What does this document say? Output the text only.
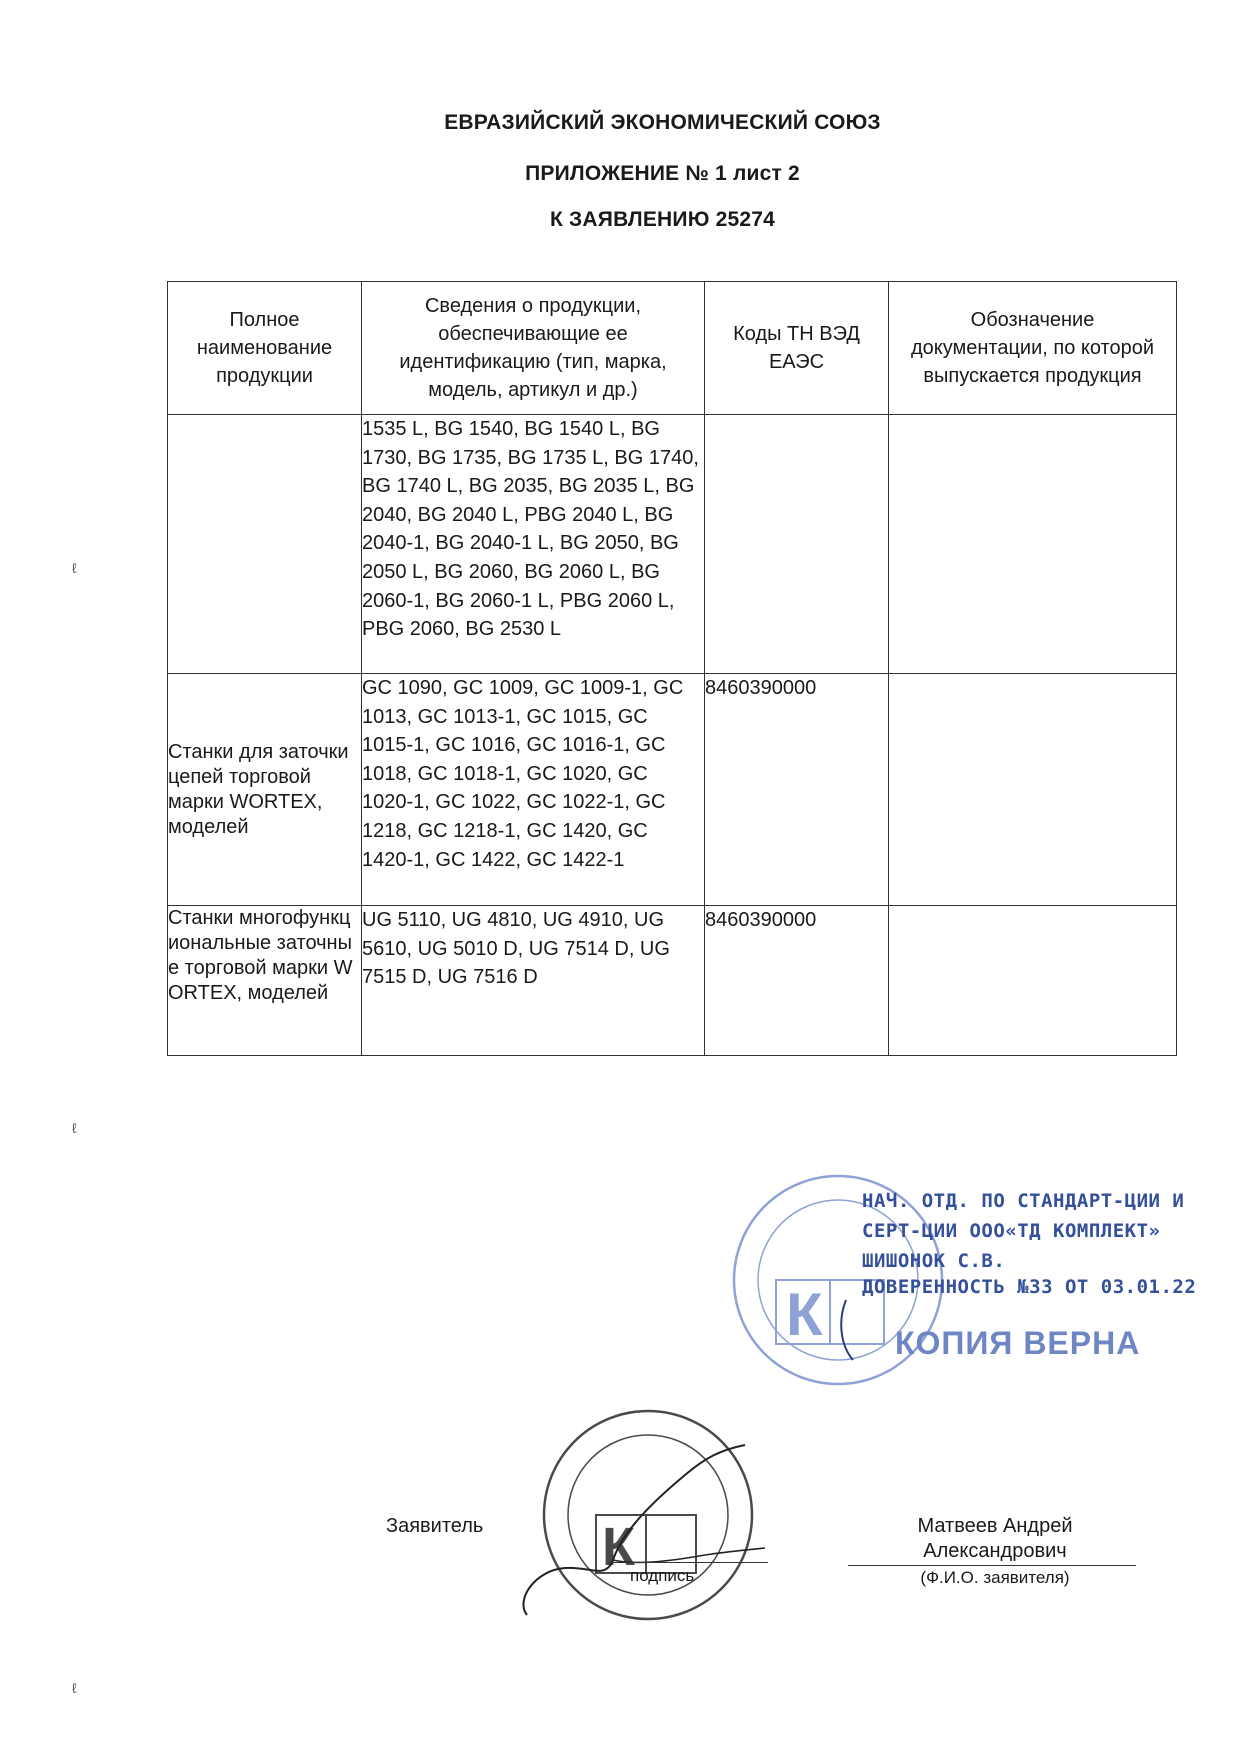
ЕВРАЗИЙСКИЙ ЭКОНОМИЧЕСКИЙ СОЮЗ
ПРИЛОЖЕНИЕ № 1 лист 2
К ЗАЯВЛЕНИЮ 25274
Полное наименование продукции	Сведения о продукции, обеспечивающие ее идентификацию (тип, марка, модель, артикул и др.)	Коды ТН ВЭД ЕАЭС	Обозначение документации, по которой выпускается продукция
	1535 L, BG 1540, BG 1540 L, BG 1730, BG 1735, BG 1735 L, BG 1740, BG 1740 L, BG 2035, BG 2035 L, BG 2040, BG 2040 L, PBG 2040 L, BG 2040-1, BG 2040-1 L, BG 2050, BG 2050 L, BG 2060, BG 2060 L, BG 2060-1, BG 2060-1 L, PBG 2060 L, PBG 2060, BG 2530 L		
Станки для заточки цепей торговой марки WORTEX, моделей	GC 1090, GC 1009, GC 1009-1, GC 1013, GC 1013-1, GC 1015, GC 1015-1, GC 1016, GC 1016-1, GC 1018, GC 1018-1, GC 1020, GC 1020-1, GC 1022, GC 1022-1, GC 1218, GC 1218-1, GC 1420, GC 1420-1, GC 1422, GC 1422-1	8460390000	
Станки многофункциональные заточные торговой марки WORTEX, моделей	UG 5110, UG 4810, UG 4910, UG 5610, UG 5010 D, UG 7514 D, UG 7515 D, UG 7516 D	8460390000	
К
НАЧ. ОТД. ПО СТАНДАРТ-ЦИИ И
СЕРТ-ЦИИ ООО«ТД КОМПЛЕКТ»
ШИШОНОК С.В.
ДОВЕРЕННОСТЬ №33 ОТ 03.01.22
КОПИЯ ВЕРНА
К
Заявитель
подпись
Матвеев Андрей Александрович
(Ф.И.О. заявителя)
ℓ
ℓ
ℓ
